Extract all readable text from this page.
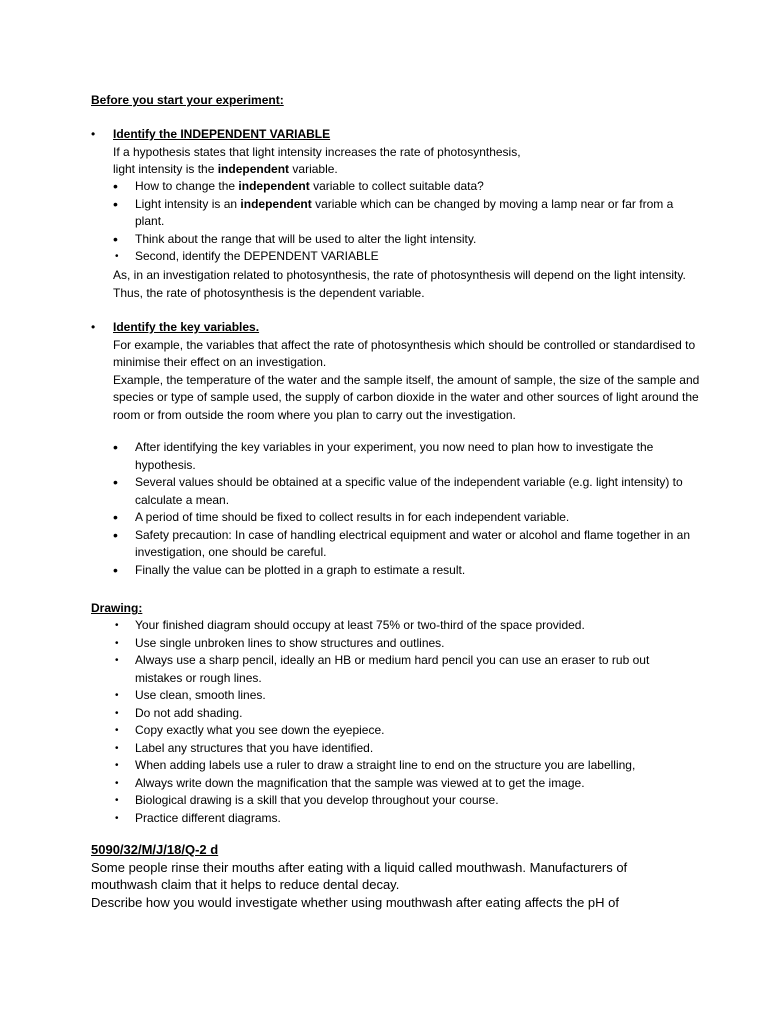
Before you start your experiment:

• Identify the INDEPENDENT VARIABLE

If a hypothesis states that light intensity increases the rate of photosynthesis,

light intensity is the independent variable.

• How to change the independent variable to collect suitable data?
• Light intensity is an independent variable which can be changed by moving a lamp near or far from a plant.
• Think about the range that will be used to alter the light intensity.
• Second, identify the DEPENDENT VARIABLE

As, in an investigation related to photosynthesis, the rate of photosynthesis will depend on the light intensity. Thus, the rate of photosynthesis is the dependent variable.

• Identify the key variables.

For example, the variables that affect the rate of photosynthesis which should be controlled or standardised to minimise their effect on an investigation.

Example, the temperature of the water and the sample itself, the amount of sample, the size of the sample and species or type of sample used, the supply of carbon dioxide in the water and other sources of light around the room or from outside the room where you plan to carry out the investigation.

• After identifying the key variables in your experiment, you now need to plan how to investigate the hypothesis.
• Several values should be obtained at a specific value of the independent variable (e.g. light intensity) to calculate a mean.
• A period of time should be fixed to collect results in for each independent variable.
• Safety precaution: In case of handling electrical equipment and water or alcohol and flame together in an investigation, one should be careful.
• Finally the value can be plotted in a graph to estimate a result.

Drawing:

• Your finished diagram should occupy at least 75% or two-third of the space provided.
• Use single unbroken lines to show structures and outlines.
• Always use a sharp pencil, ideally an HB or medium hard pencil you can use an eraser to rub out mistakes or rough lines.
• Use clean, smooth lines.
• Do not add shading.
• Copy exactly what you see down the eyepiece.
• Label any structures that you have identified.
• When adding labels use a ruler to draw a straight line to end on the structure you are labelling,
• Always write down the magnification that the sample was viewed at to get the image.
• Biological drawing is a skill that you develop throughout your course.
• Practice different diagrams.

5090/32/M/J/18/Q-2 d

Some people rinse their mouths after eating with a liquid called mouthwash. Manufacturers of mouthwash claim that it helps to reduce dental decay.

Describe how you would investigate whether using mouthwash after eating affects the pH of
